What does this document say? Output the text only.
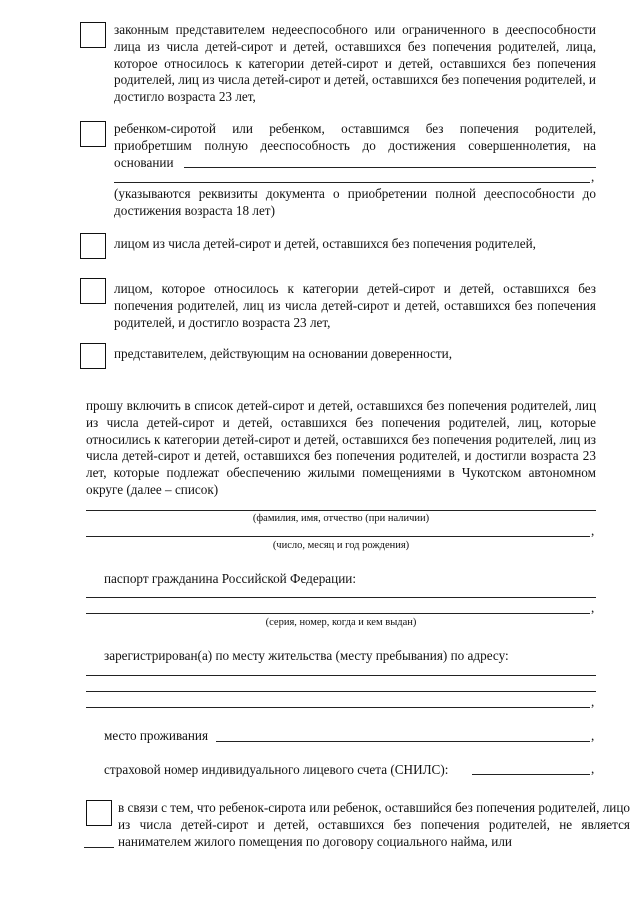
законным представителем недееспособного или ограниченного в дееспособности лица из числа детей-сирот и детей, оставшихся без попечения родителей, лица, которое относилось к категории детей-сирот и детей, оставшихся без попечения родителей, лиц из числа детей-сирот и детей, оставшихся без попечения родителей, и достигло возраста 23 лет,
ребенком-сиротой или ребенком, оставшимся без попечения родителей, приобретшим полную дееспособность до достижения совершеннолетия, на основании
,
(указываются реквизиты документа о приобретении полной дееспособности до достижения возраста 18 лет)
лицом из числа детей-сирот и детей, оставшихся без попечения родителей,
лицом, которое относилось к категории детей-сирот и детей, оставшихся без попечения родителей, лиц из числа детей-сирот и детей, оставшихся без попечения родителей, и достигло возраста 23 лет,
представителем, действующим на основании доверенности,
прошу включить в список детей-сирот и детей, оставшихся без попечения родителей, лиц из числа детей-сирот и детей, оставшихся без попечения родителей, лиц, которые относились к категории детей-сирот и детей, оставшихся без попечения родителей, лиц из числа детей-сирот и детей, оставшихся без попечения родителей, и достигли возраста 23 лет, которые подлежат обеспечению жилыми помещениями в Чукотском автономном округе (далее – список)
(фамилия, имя, отчество (при наличии)
,
(число, месяц и год рождения)
паспорт гражданина Российской Федерации:
,
(серия, номер, когда и кем выдан)
зарегистрирован(а) по месту жительства (месту пребывания) по адресу:
,
место проживания	,
страховой номер индивидуального лицевого счета (СНИЛС):	,
в связи с тем, что ребенок-сирота или ребенок, оставшийся без попечения родителей, лицо из числа детей-сирот и детей, оставшихся без попечения родителей, не является нанимателем жилого помещения по договору социального найма, или
